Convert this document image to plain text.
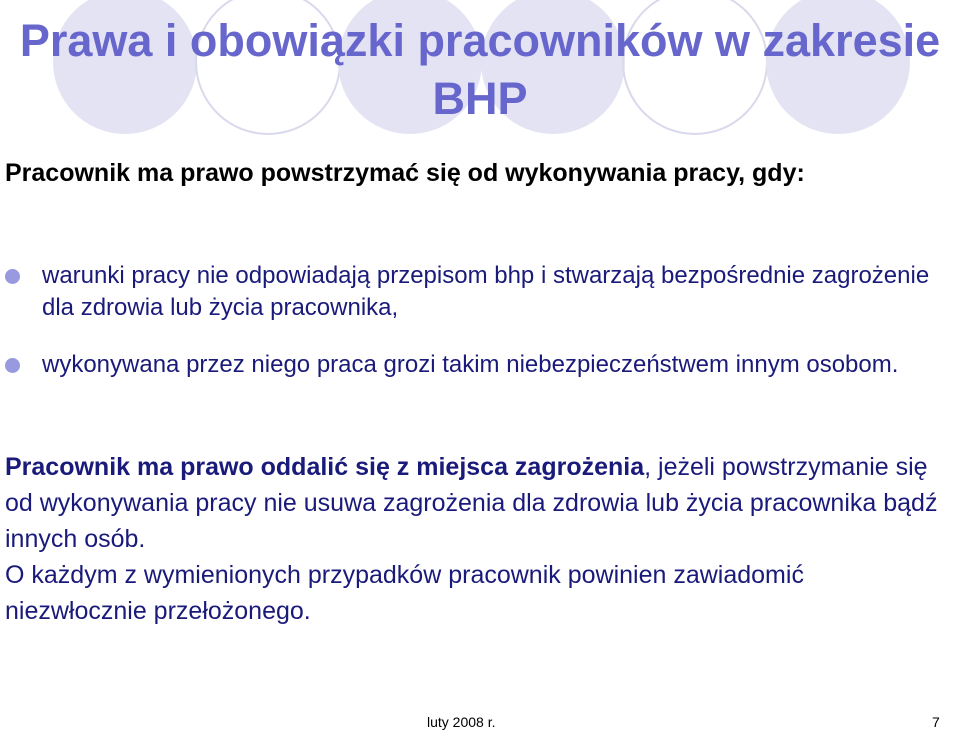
Prawa i obowiązki pracowników w zakresie BHP
Pracownik ma prawo powstrzymać się od wykonywania pracy, gdy:
warunki pracy nie odpowiadają przepisom bhp i stwarzają bezpośrednie zagrożenie dla zdrowia lub życia pracownika,
wykonywana przez niego praca grozi takim niebezpieczeństwem innym osobom.
Pracownik ma prawo oddalić się z miejsca zagrożenia, jeżeli powstrzymanie się od wykonywania pracy nie usuwa zagrożenia dla zdrowia lub życia pracownika bądź innych osób.
O każdym z wymienionych przypadków pracownik powinien zawiadomić niezwłocznie przełożonego.
luty 2008 r.	7
